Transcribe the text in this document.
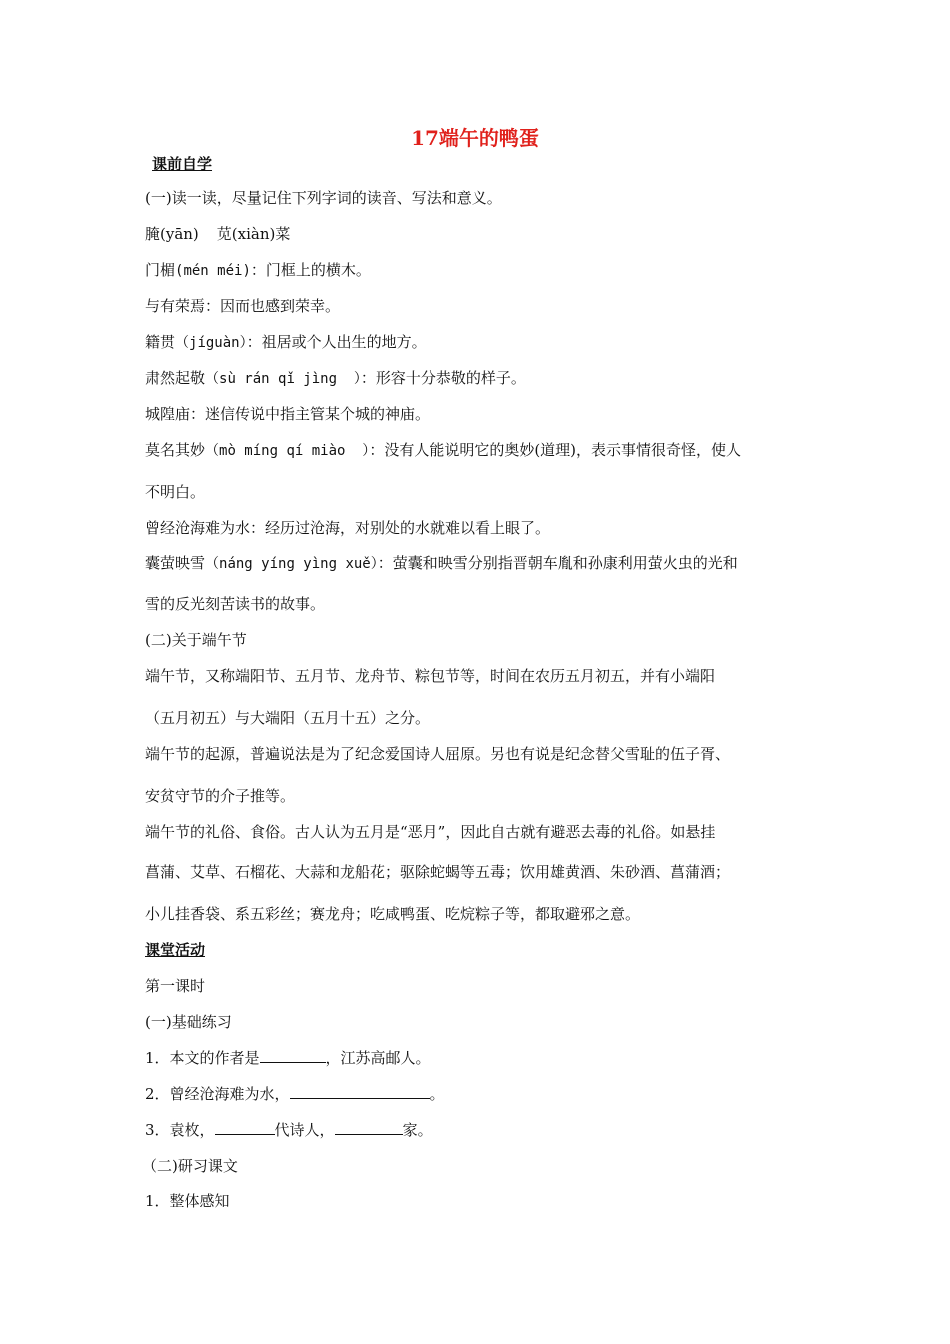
17端午的鸭蛋
课前自学
(一)读一读，尽量记住下列字词的读音、写法和意义。
腌(yān) 苋(xiàn)菜
门楣(mén méi)：门框上的横木。
与有荣焉：因而也感到荣幸。
籍贯（jíguàn）：祖居或个人出生的地方。
肃然起敬（sù rán qǐ jìng  ）：形容十分恭敬的样子。
城隍庙：迷信传说中指主管某个城的神庙。
莫名其妙（mò míng qí miào  ）：没有人能说明它的奥妙(道理)，表示事情很奇怪，使人
不明白。
曾经沧海难为水：经历过沧海，对别处的水就难以看上眼了。
囊萤映雪（náng yíng yìng xuě）：萤囊和映雪分别指晋朝车胤和孙康利用萤火虫的光和
雪的反光刻苦读书的故事。
(二)关于端午节
端午节，又称端阳节、五月节、龙舟节、粽包节等，时间在农历五月初五，并有小端阳
（五月初五）与大端阳（五月十五）之分。
端午节的起源，普遍说法是为了纪念爱国诗人屈原。另也有说是纪念替父雪耻的伍子胥、
安贫守节的介子推等。
端午节的礼俗、食俗。古人认为五月是“恶月”，因此自古就有避恶去毒的礼俗。如悬挂
菖蒲、艾草、石榴花、大蒜和龙船花；驱除蛇蝎等五毒；饮用雄黄酒、朱砂酒、菖蒲酒；
小儿挂香袋、系五彩丝；赛龙舟；吃咸鸭蛋、吃烷粽子等，都取避邪之意。
课堂活动
第一课时
(一)基础练习
1．本文的作者是	，江苏高邮人。
2．曾经沧海难为水，	。
3．袁枚，	代诗人，	家。
（二)研习课文
1．整体感知
